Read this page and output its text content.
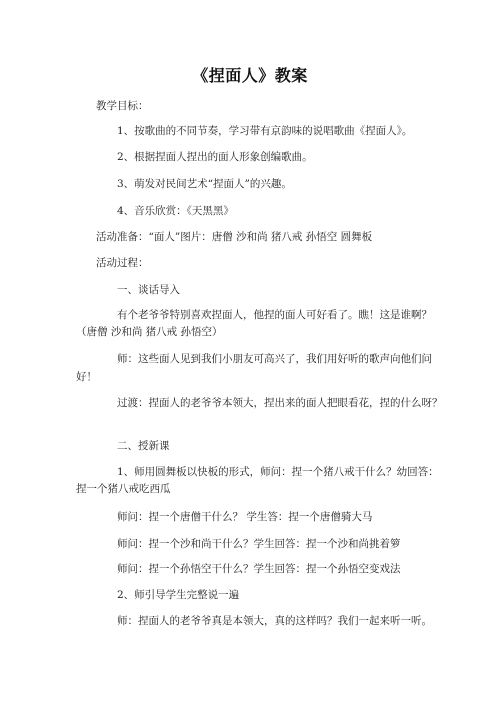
《捏面人》教案
教学目标：
1、按歌曲的不同节奏，学习带有京韵味的说唱歌曲《捏面人》。
2、根据捏面人捏出的面人形象创编歌曲。
3、萌发对民间艺术“捏面人”的兴趣。
4、音乐欣赏：《天黑黑》
活动准备：“面人”图片：唐僧 沙和尚 猪八戒 孙悟空 圆舞板
活动过程：
一、谈话导入
有个老爷爷特别喜欢捏面人，他捏的面人可好看了。瞧！这是谁啊？
（唐僧 沙和尚 猪八戒 孙悟空）
师：这些面人见到我们小朋友可高兴了，我们用好听的歌声向他们问
好！
过渡：捏面人的老爷爷本领大，捏出来的面人把眼看花，捏的什么呀？
二、授新课
1、师用圆舞板以快板的形式，师问：捏一个猪八戒干什么？幼回答：
捏一个猪八戒吃西瓜
师问：捏一个唐僧干什么？ 学生答：捏一个唐僧骑大马
师问：捏一个沙和尚干什么？学生回答：捏一个沙和尚挑着箩
师问：捏一个孙悟空干什么？学生回答：捏一个孙悟空变戏法
2、师引导学生完整说一遍
师：捏面人的老爷爷真是本领大，真的这样吗？我们一起来听一听。
